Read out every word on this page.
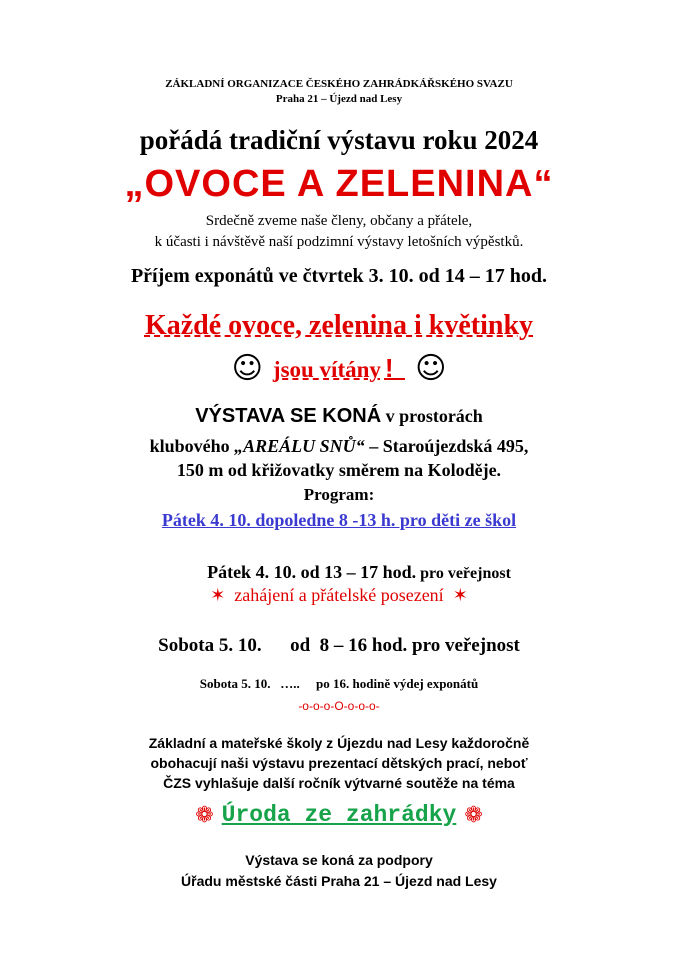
ZÁKLADNÍ ORGANIZACE ČESKÉHO ZAHRÁDKÁŘSKÉHO SVAZU
Praha 21 – Újezd nad Lesy
pořádá tradiční výstavu roku 2024
„OVOCE A ZELENINA“
Srdečně zveme naše členy, občany a přátele,
k účasti i návštěvě naší podzimní výstavy letošních výpěstků.
Příjem exponátů ve čtvrtek 3. 10. od 14 – 17 hod.
Každé ovoce, zelenina i květinky
☺ jsou vítány ! ☺
VÝSTAVA SE KONÁ v prostorách
klubového „AREÁLU SNŮ“ – Staroújezdská 495,
150 m od křižovatky směrem na Koloděje.
Program:
Pátek 4. 10. dopoledne 8 -13 h. pro děti ze škol
Pátek 4. 10. od 13 – 17 hod. pro veřejnost
✶ zahájení a přátelské posezení ✶
Sobota 5. 10.      od  8 – 16 hod. pro veřejnost
Sobota 5. 10.   …..     po 16. hodině výdej exponátů
-o-o-o-O-o-o-o-
Základní a mateřské školy z Újezdu nad Lesy každoročně
obohacují naši výstavu prezentací dětských prací, neboť
ČZS vyhlašuje další ročník výtvarné soutěže na téma
❁ Úroda ze zahrádky ❁
Výstava se koná za podpory
Úřadu městské části Praha 21 – Újezd nad Lesy
